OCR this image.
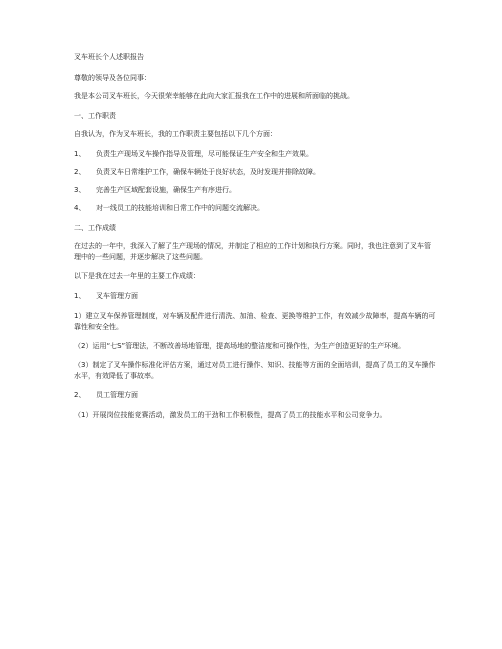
叉车班长个人述职报告

尊敬的领导及各位同事：

我是本公司叉车班长，今天很荣幸能够在此向大家汇报我在工作中的进展和所面临的挑战。

一、工作职责

自我认为，作为叉车班长，我的工作职责主要包括以下几个方面：

1、	负责生产现场叉车操作指导及管理，尽可能保证生产安全和生产效果。
2、	负责叉车日常维护工作，确保车辆处于良好状态，及时发现并排除故障。
3、	完善生产区域配套设施，确保生产有序进行。
4、	对一线员工的技能培训和日常工作中的问题交流解决。

二、工作成绩

在过去的一年中，我深入了解了生产现场的情况，并制定了相应的工作计划和执行方案。同时，我也注意到了叉车管理中的一些问题，并逐步解决了这些问题。

以下是我在过去一年里的主要工作成绩：

1、	叉车管理方面

1）建立叉车保养管理制度，对车辆及配件进行清洗、加油、检查、更换等维护工作，有效减少故障率，提高车辆的可靠性和安全性。

（2）运用“七S”管理法，不断改善场地管理，提高场地的整洁度和可操作性，为生产创造更好的生产环境。

（3）制定了叉车操作标准化评估方案，通过对员工进行操作、知识、技能等方面的全面培训，提高了员工的叉车操作水平，有效降低了事故率。

2、	员工管理方面

（1）开展岗位技能竞赛活动，激发员工的干劲和工作积极性，提高了员工的技能水平和公司竞争力。
